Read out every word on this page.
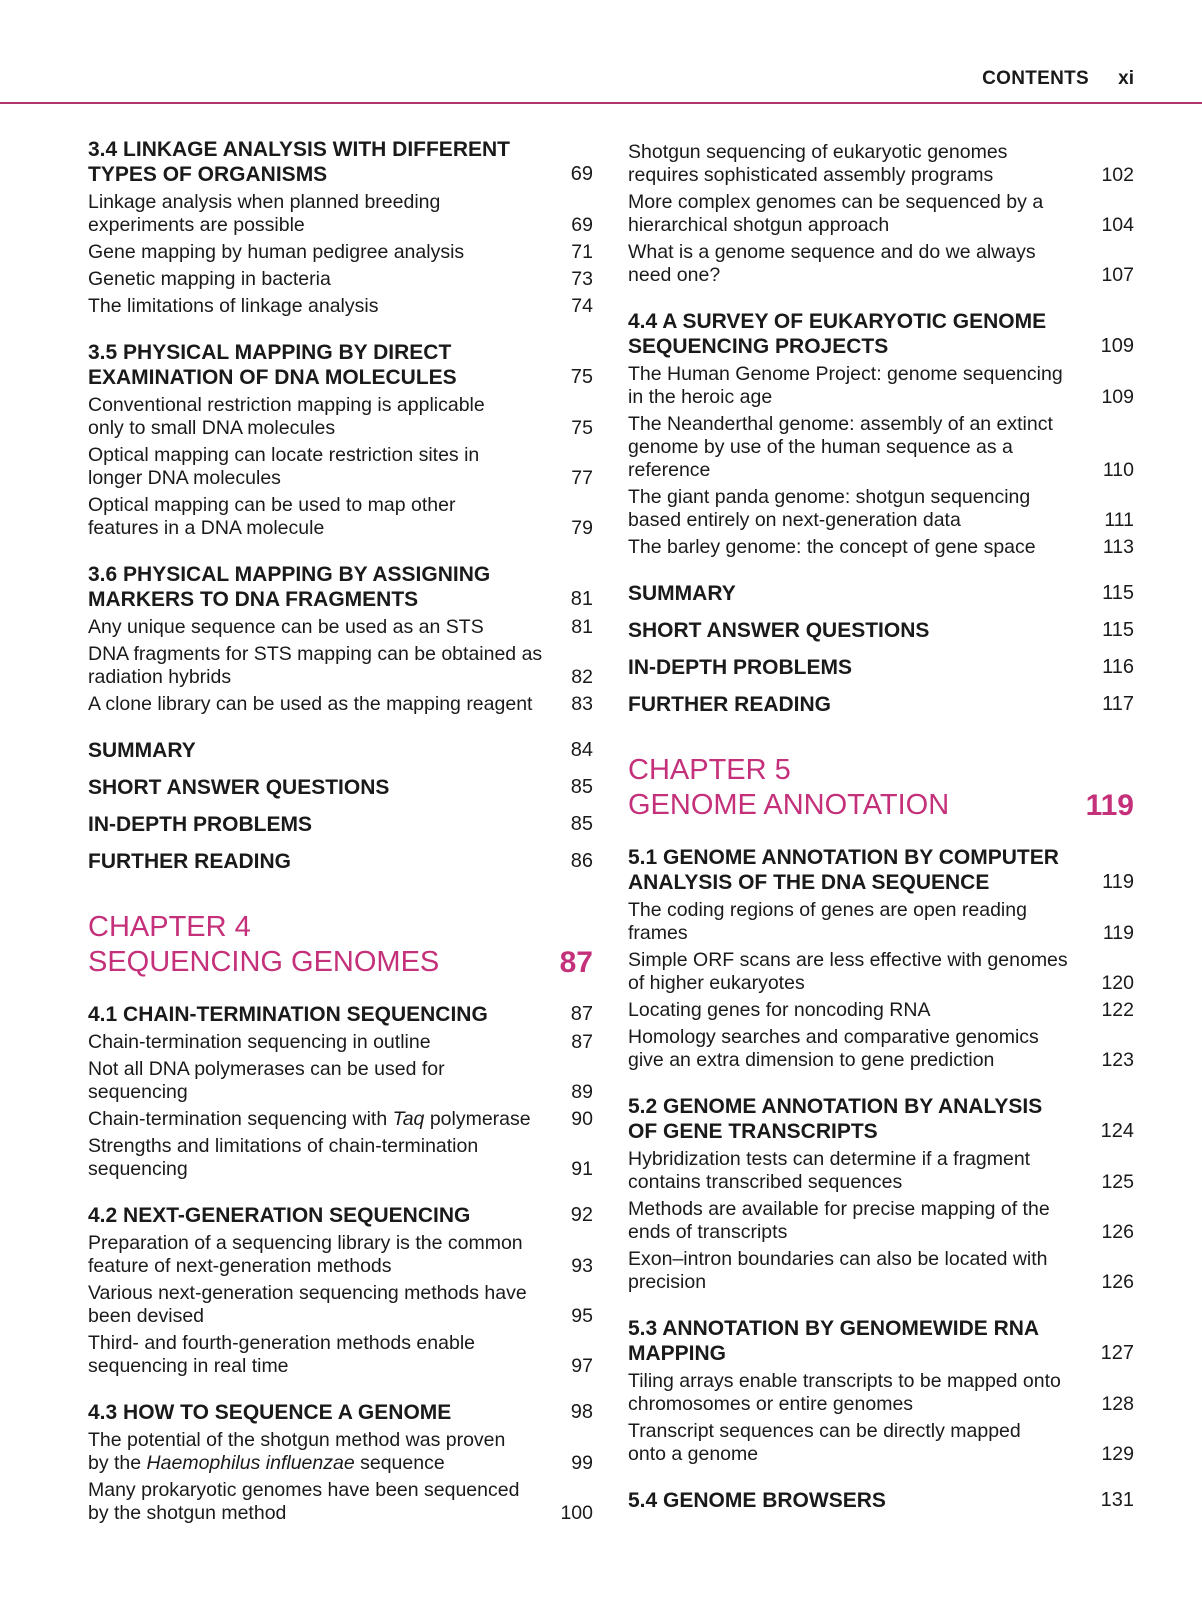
CONTENTS xi
3.4 LINKAGE ANALYSIS WITH DIFFERENT
TYPES OF ORGANISMS	69
Linkage analysis when planned breeding
experiments are possible	69
Gene mapping by human pedigree analysis	71
Genetic mapping in bacteria	73
The limitations of linkage analysis	74
3.5 PHYSICAL MAPPING BY DIRECT
EXAMINATION OF DNA MOLECULES	75
Conventional restriction mapping is applicable
only to small DNA molecules	75
Optical mapping can locate restriction sites in
longer DNA molecules	77
Optical mapping can be used to map other
features in a DNA molecule	79
3.6 PHYSICAL MAPPING BY ASSIGNING
MARKERS TO DNA FRAGMENTS	81
Any unique sequence can be used as an STS	81
DNA fragments for STS mapping can be obtained as
radiation hybrids	82
A clone library can be used as the mapping reagent	83
SUMMARY	84
SHORT ANSWER QUESTIONS	85
IN-DEPTH PROBLEMS	85
FURTHER READING	86
CHAPTER 4
SEQUENCING GENOMES	87
4.1 CHAIN-TERMINATION SEQUENCING	87
Chain-termination sequencing in outline	87
Not all DNA polymerases can be used for
sequencing	89
Chain-termination sequencing with Taq polymerase	90
Strengths and limitations of chain-termination
sequencing	91
4.2 NEXT-GENERATION SEQUENCING	92
Preparation of a sequencing library is the common
feature of next-generation methods	93
Various next-generation sequencing methods have
been devised	95
Third- and fourth-generation methods enable
sequencing in real time	97
4.3 HOW TO SEQUENCE A GENOME	98
The potential of the shotgun method was proven
by the Haemophilus influenzae sequence	99
Many prokaryotic genomes have been sequenced
by the shotgun method	100
Shotgun sequencing of eukaryotic genomes
requires sophisticated assembly programs	102
More complex genomes can be sequenced by a
hierarchical shotgun approach	104
What is a genome sequence and do we always
need one?	107
4.4 A SURVEY OF EUKARYOTIC GENOME
SEQUENCING PROJECTS	109
The Human Genome Project: genome sequencing
in the heroic age	109
The Neanderthal genome: assembly of an extinct
genome by use of the human sequence as a
reference	110
The giant panda genome: shotgun sequencing
based entirely on next-generation data	111
The barley genome: the concept of gene space	113
SUMMARY	115
SHORT ANSWER QUESTIONS	115
IN-DEPTH PROBLEMS	116
FURTHER READING	117
CHAPTER 5
GENOME ANNOTATION	119
5.1 GENOME ANNOTATION BY COMPUTER
ANALYSIS OF THE DNA SEQUENCE	119
The coding regions of genes are open reading
frames	119
Simple ORF scans are less effective with genomes
of higher eukaryotes	120
Locating genes for noncoding RNA	122
Homology searches and comparative genomics
give an extra dimension to gene prediction	123
5.2 GENOME ANNOTATION BY ANALYSIS
OF GENE TRANSCRIPTS	124
Hybridization tests can determine if a fragment
contains transcribed sequences	125
Methods are available for precise mapping of the
ends of transcripts	126
Exon–intron boundaries can also be located with
precision	126
5.3 ANNOTATION BY GENOMEWIDE RNA
MAPPING	127
Tiling arrays enable transcripts to be mapped onto
chromosomes or entire genomes	128
Transcript sequences can be directly mapped
onto a genome	129
5.4 GENOME BROWSERS	131
